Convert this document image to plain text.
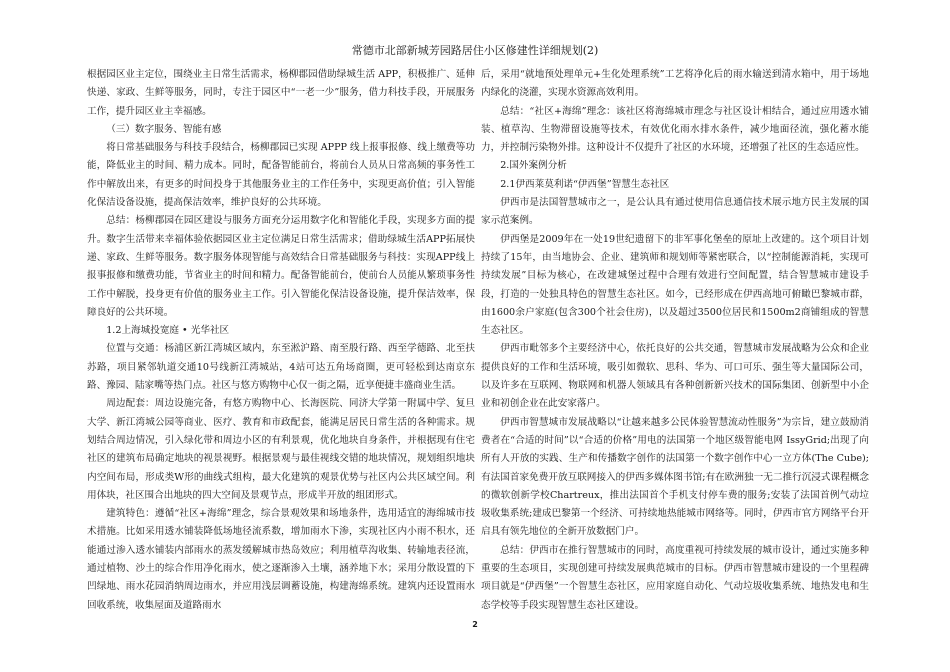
常德市北部新城芳园路居住小区修建性详细规划(2)

根据园区业主定位，围绕业主日常生活需求，杨柳郡园借助绿城生活 APP，积极推广、延伸快递、家政、生鲜等服务，同时，专注于园区中“一老一少”服务，借力科技手段，开展服务工作，提升园区业主幸福感。

（三）数字服务、智能有感

将日常基础服务与科技手段结合，杨柳郡园已实现 APPP 线上报事报修、线上缴费等功能，降低业主的时间、精力成本。同时，配备智能前台，将前台人员从日常高频的事务性工作中解放出来，有更多的时间投身于其他服务业主的工作任务中，实现更高价值；引入智能化保洁设备设施，提高保洁效率，维护良好的公共环境。

总结：杨柳郡园在园区建设与服务方面充分运用数字化和智能化手段，实现多方面的提升。数字生活带来幸福体验依据园区业主定位满足日常生活需求；借助绿城生活APP拓展快递、家政、生鲜等服务。数字服务体现智能与高效结合日常基础服务与科技：实现APP线上报事报修和缴费功能，节省业主的时间和精力。配备智能前台，使前台人员能从繁琐事务性工作中解脱，投身更有价值的服务业主工作。引入智能化保洁设备设施，提升保洁效率，保障良好的公共环境。

1.2上海城投宽庭 • 光华社区

位置与交通：杨浦区新江湾城区域内，东至淞沪路、南至殷行路、西至学德路、北至扶苏路，项目紧邻轨道交通10号线新江湾城站，4站可达五角场商圈，更可轻松到达南京东路、豫园、陆家嘴等热门点。社区与悠方购物中心仅一街之隔，近享便捷丰盛商业生活。

周边配套：周边设施完备，有悠方购物中心、长海医院、同济大学第一附属中学、复旦大学、新江湾城公园等商业、医疗、教育和市政配套，能满足居民日常生活的各种需求。规划结合周边情况，引入绿化带和周边小区的有利景观，优化地块自身条件，并根据现有住宅社区的建筑布局确定地块的视景视野。根据景观与最佳视线交错的地块情况，规划组织地块内空间布局，形成类W形的曲线式组构，最大化建筑的观景优势与社区内公共区域空间。利用体块，社区围合出地块的四大空间及景观节点，形成半开放的组团形式。

建筑特色：遵循“社区+海绵”理念，综合景观效果和场地条件，选用适宜的海绵城市技术措施。比如采用透水铺装降低场地径流系数，增加雨水下渗，实现社区内小雨不积水，还能通过渗入透水铺装内部雨水的蒸发缓解城市热岛效应；利用植草沟收集、转输地表径流，通过植物、沙土的综合作用净化雨水，使之逐渐渗入土壤，涵养地下水；采用分散设置的下凹绿地、雨水花园消纳周边雨水，并应用浅层调蓄设施，构建海绵系统。建筑内还设置雨水回收系统，收集屋面及道路雨水

后，采用“就地预处理单元+生化处理系统”工艺将净化后的雨水输送到清水箱中，用于场地内绿化的浇灌，实现水资源高效利用。

总结：“社区+海绵”理念：该社区将海绵城市理念与社区设计相结合，通过应用透水铺装、植草沟、生物滞留设施等技术，有效优化雨水排水条件，减少地面径流，强化蓄水能力，并控制污染物外排。这种设计不仅提升了社区的水环境，还增强了社区的生态适应性。

2.国外案例分析

2.1伊西莱莫利诺“伊西堡”智慧生态社区

伊西市是法国智慧城市之一，是公认具有通过使用信息通信技术展示地方民主发展的国家示范案例。

伊西堡是2009年在一处19世纪遗留下的非军事化堡垒的原址上改建的。这个项目计划持续了15年，由当地协会、企业、建筑师和规划师等紧密联合，以“控制能源消耗，实现可持续发展”目标为核心，在改建城堡过程中合理有效进行空间配置，结合智慧城市建设手段，打造的一处独具特色的智慧生态社区。如今，已经形成在伊西高地可俯瞰巴黎城市群，由1600余户家庭(包含300个社会住房)，以及超过3500位居民和1500m2商铺组成的智慧生态社区。

伊西市毗邻多个主要经济中心，依托良好的公共交通，智慧城市发展战略为公众和企业提供良好的工作和生活环境，吸引如微软、思科、华为、可口可乐、强生等大量国际公司，以及许多在互联网、物联网和机器人领域具有各种创新新兴技术的国际集团、创新型中小企业和初创企业在此安家落户。

伊西市智慧城市发展战略以“让越来越多公民体验智慧流动性服务”为宗旨，建立鼓励消费者在“合适的时间”以“合适的价格”用电的法国第一个地区级智能电网 IssyGrid;出现了向所有人开放的实践、生产和传播数字创作的法国第一个数字创作中心一立方体(The Cube);有法国首家免费开放互联网接入的伊西多媒体图书馆;有在欧洲独一无二推行沉浸式课程概念的微软创新学校Chartreux，推出法国首个手机支付停车费的服务;安装了法国首例气动垃圾收集系统;建成巴黎第一个经济、可持续地热能城市网络等。同时，伊西市官方网络平台开启具有领先地位的全新开放数据门户。

总结：伊西市在推行智慧城市的同时，高度重视可持续发展的城市设计，通过实施多种重要的生态项目，实现创建可持续发展典范城市的目标。伊西市智慧城市建设的一个里程碑项目就是“伊西堡”一个智慧生态社区，应用家庭自动化、气动垃圾收集系统、地热发电和生态学校等手段实现智慧生态社区建设。

2
